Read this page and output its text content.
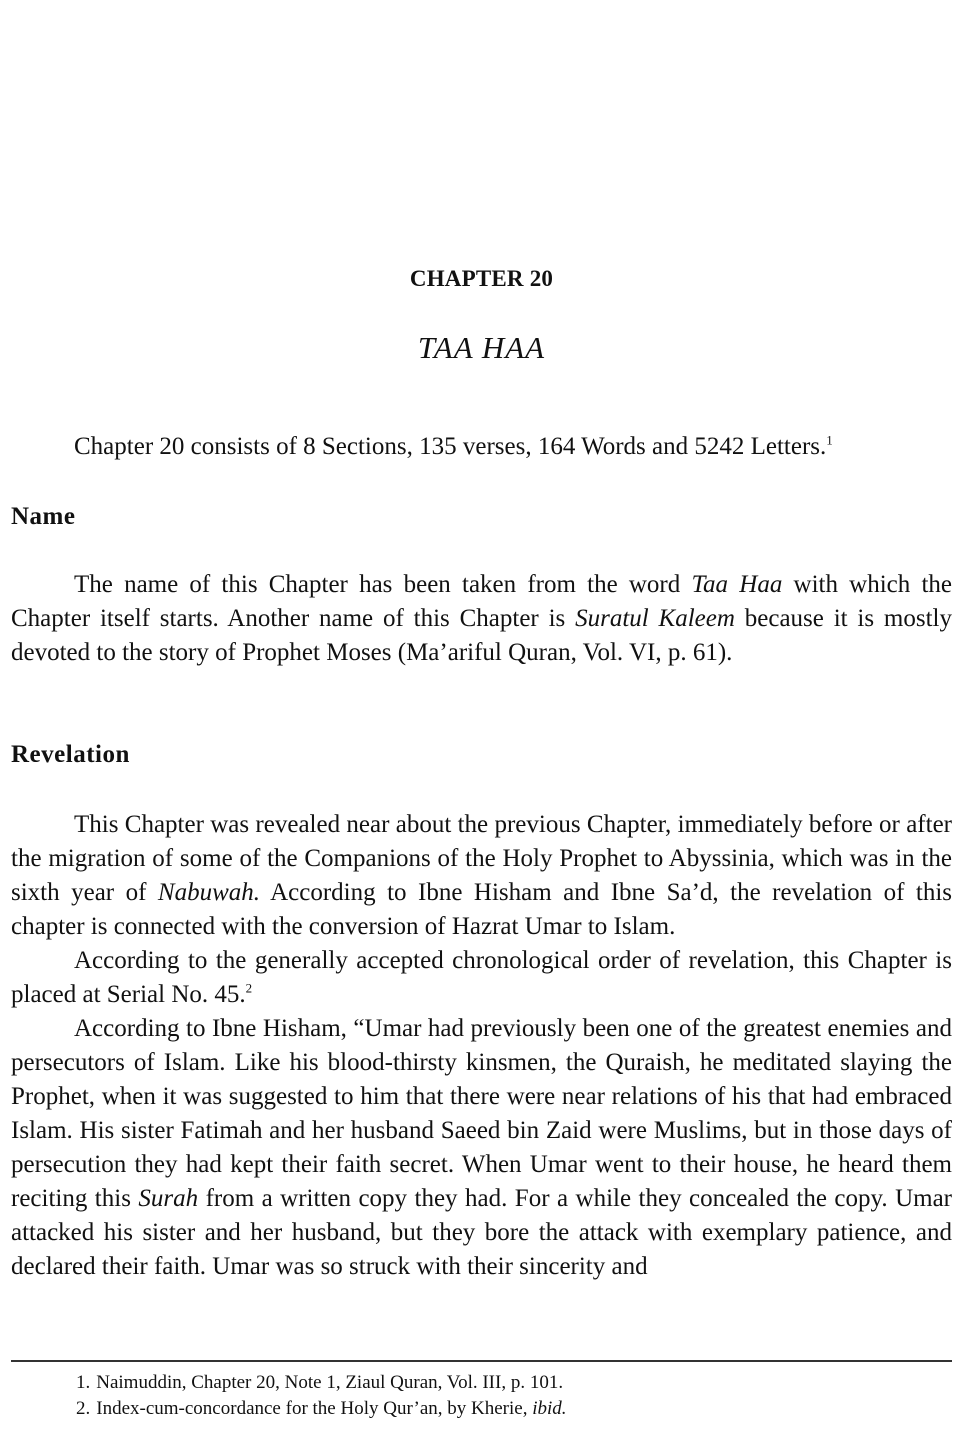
CHAPTER 20
TAA HAA

Chapter 20 consists of 8 Sections, 135 verses, 164 Words and 5242 Letters.$^1$

Name

The name of this Chapter has been taken from the word Taa Haa with which the Chapter itself starts. Another name of this Chapter is Suratul Kaleem because it is mostly devoted to the story of Prophet Moses (Ma’ariful Quran, Vol. VI, p. 61).

Revelation

This Chapter was revealed near about the previous Chapter, immediately before or after the migration of some of the Companions of the Holy Prophet to Abyssinia, which was in the sixth year of Nabuwah. According to Ibne Hisham and Ibne Sa’d, the revelation of this chapter is connected with the conversion of Hazrat Umar to Islam.

According to the generally accepted chronological order of revelation, this Chapter is placed at Serial No. 45.$^2$

According to Ibne Hisham, “Umar had previously been one of the greatest enemies and persecutors of Islam. Like his blood-thirsty kinsmen, the Quraish, he meditated slaying the Prophet, when it was suggested to him that there were near relations of his that had embraced Islam. His sister Fatimah and her husband Saeed bin Zaid were Muslims, but in those days of persecution they had kept their faith secret. When Umar went to their house, he heard them reciting this Surah from a written copy they had. For a while they concealed the copy. Umar attacked his sister and her husband, but they bore the attack with exemplary patience, and declared their faith. Umar was so struck with their sincerity and

1. Naimuddin, Chapter 20, Note 1, Ziaul Quran, Vol. III, p. 101.

2. Index-cum-concordance for the Holy Qur’an, by Kherie, ibid.
